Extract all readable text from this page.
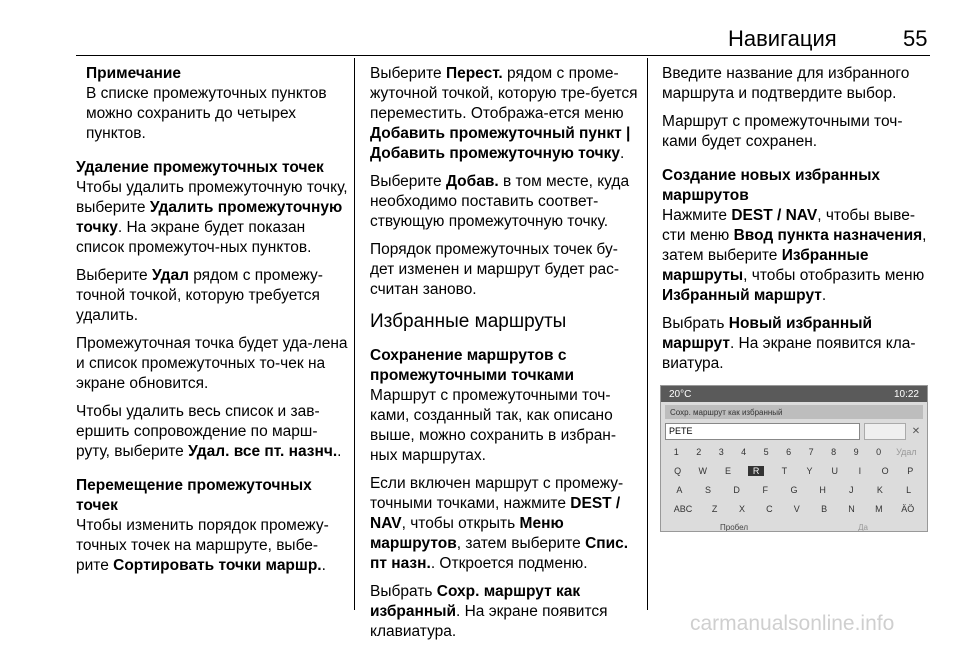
Навигация	55

Примечание

В списке промежуточных пунктов можно сохранить до четырех пунктов.

Удаление промежуточных точек

Чтобы удалить промежуточную точку, выберите Удалить промежуточную точку. На экране будет показан список промежуточ-ных пунктов.

Выберите Удал рядом с промежу-точной точкой, которую требуется удалить.

Промежуточная точка будет уда-лена и список промежуточных то-чек на экране обновится.

Чтобы удалить весь список и зав-ершить сопровождение по марш-руту, выберите Удал. все пт. назнч..

Перемещение промежуточных точек

Чтобы изменить порядок промежу-точных точек на маршруте, выбе-рите Сортировать точки маршр..

Выберите Перест. рядом с проме-жуточной точкой, которую тре-буется переместить. Отобража-ется меню Добавить промежуточный пункт | Добавить промежуточную точку.

Выберите Добав. в том месте, куда необходимо поставить соответ-ствующую промежуточную точку.

Порядок промежуточных точек бу-дет изменен и маршрут будет рас-считан заново.

Избранные маршруты

Сохранение маршрутов с промежуточными точками

Маршрут с промежуточными точ-ками, созданный так, как описано выше, можно сохранить в избран-ных маршрутах.

Если включен маршрут с промежу-точными точками, нажмите DEST / NAV, чтобы открыть Меню маршрутов, затем выберите Спис. пт назн.. Откроется подменю.

Выбрать Сохр. маршрут как избранный. На экране появится клавиатура.

Введите название для избранного маршрута и подтвердите выбор.

Маршрут с промежуточными точ-ками будет сохранен.

Создание новых избранных маршрутов

Нажмите DEST / NAV, чтобы выве-сти меню Ввод пункта назначения, затем выберите Избранные маршруты, чтобы отобразить меню Избранный маршрут.

Выбрать Новый избранный маршрут. На экране появится кла-виатура.

20°C	10:22
Сохр. маршрут как избранный
PETE	✕
1 2 3 4 5 6 7 8 9 0 Удал
Q W E	R	T Y U	I	O P
A	S D	F G H	J	K	L
ABC Z X C V B N M ÄÖ
Пробел	Да
carmanualsonline.info
